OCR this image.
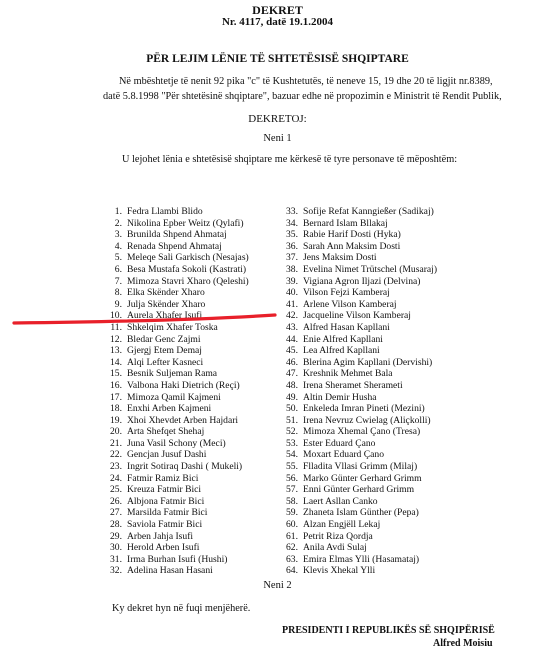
DEKRET
Nr. 4117, datë 19.1.2004
PËR LEJIM LËNIE TË SHTETËSISË SHQIPTARE

Në mbështetje të nenit 92 pika "c" të Kushtetutës, të neneve 15, 19 dhe 20 të ligjit nr.8389,
datë 5.8.1998 "Për shtetësinë shqiptare", bazuar edhe në propozimin e Ministrit të Rendit Publik,

DEKRETOJ:
Neni 1

U lejohet lënia e shtetësisë shqiptare me kërkesë të tyre personave të mëposhtëm:

1. Fedra Llambi Blido
2. Nikolina Epber Weitz (Qylafi)
3. Brunilda Shpend Ahmataj
4. Renada Shpend Ahmataj
5. Meleqe Sali Garkisch (Nesajas)
6. Besa Mustafa Sokoli (Kastrati)
7. Mimoza Stavri Xharo (Qeleshi)
8. Elka Skënder Xharo
9. Julja Skënder Xharo
10. Aurela Xhafer Isufi
11. Shkelqim Xhafer Toska
12. Bledar Genc Zajmi
13. Gjergj Etem Demaj
14. Alqi Lefter Kasneci
15. Besnik Suljeman Rama
16. Valbona Haki Dietrich (Reçi)
17. Mimoza Qamil Kajmeni
18. Enxhi Arben Kajmeni
19. Xhoi Xhevdet Arben Hajdari
20. Arta Shefqet Shehaj
21. Juna Vasil Schony (Meci)
22. Gencjan Jusuf Dashi
23. Ingrit Sotiraq Dashi ( Mukeli)
24. Fatmir Ramiz Bici
25. Kreuza Fatmir Bici
26. Albjona Fatmir Bici
27. Marsilda Fatmir Bici
28. Saviola Fatmir Bici
29. Arben Jahja Isufi
30. Herold Arben Isufi
31. Irma Burhan Isufi (Hushi)
32. Adelina Hasan Hasani
33. Sofije Refat Kanngießer (Sadikaj)
34. Bernard Islam Bllakaj
35. Rabie Harif Dosti (Hyka)
36. Sarah Ann Maksim Dosti
37. Jens Maksim Dosti
38. Evelina Nimet Trütschel (Musaraj)
39. Vigiana Agron Iljazi (Delvina)
40. Vilson Fejzi Kamberaj
41. Arlene Vilson Kamberaj
42. Jacqueline Vilson Kamberaj
43. Alfred Hasan Kapllani
44. Enie Alfred Kapllani
45. Lea Alfred Kapllani
46. Blerina Agim Kapllani (Dervishi)
47. Kreshnik Mehmet Bala
48. Irena Sheramet Sherameti
49. Altin Demir Husha
50. Enkeleda Imran Pineti (Mezini)
51. Irena Nevruz Cwielag (Aliçkolli)
52. Mimoza Xhemal Çano (Tresa)
53. Ester Eduard Çano
54. Moxart Eduard Çano
55. Flladita Vllasi Grimm (Milaj)
56. Marko Günter Gerhard Grimm
57. Enni Günter Gerhard Grimm
58. Laert Asllan Canko
59. Zhaneta Islam Günther (Pepa)
60. Alzan Engjëll Lekaj
61. Petrit Riza Qordja
62. Anila Avdi Sulaj
63. Emira Elmas Ylli (Hasamataj)
64. Klevis Xhekal Ylli
Neni 2

Ky dekret hyn në fuqi menjëherë.

PRESIDENTI I REPUBLIKËS SË SHQIPËRISË
Alfred Moisiu
